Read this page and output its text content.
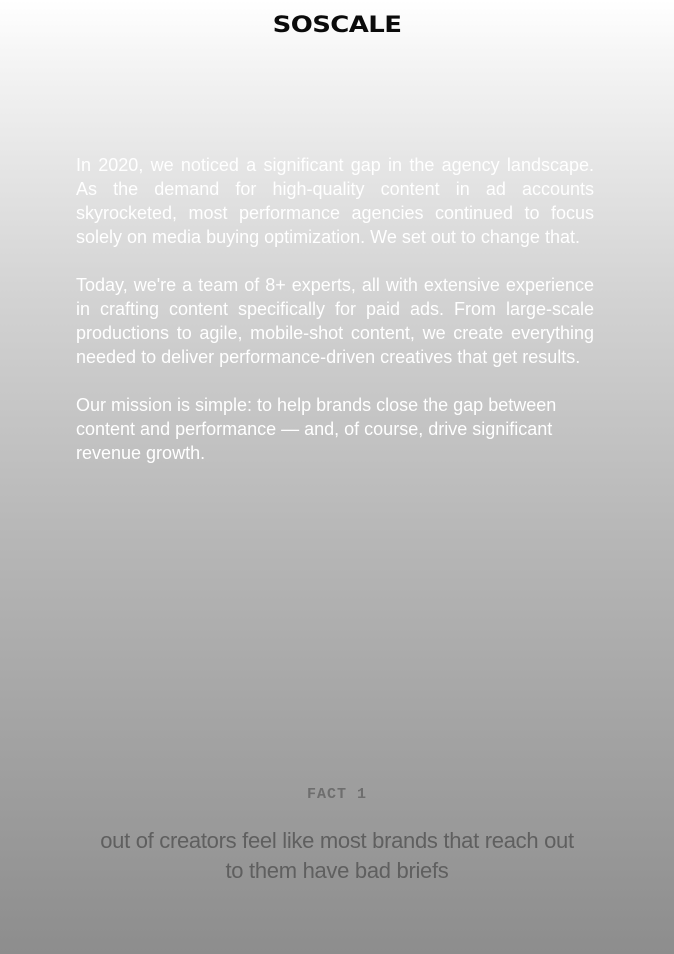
SOSCALE

In 2020, we noticed a significant gap in the agency landscape. As the demand for high-quality content in ad accounts skyrocketed, most performance agencies continued to focus solely on media buying optimization. We set out to change that.

Today, we're a team of 8+ experts, all with extensive experience in crafting content specifically for paid ads. From large-scale productions to agile, mobile-shot content, we create everything needed to deliver performance-driven creatives that get results.

Our mission is simple: to help brands close the gap between content and performance — and, of course, drive significant revenue growth.

FACT 1
out of creators feel like most brands that reach out to them have bad briefs
